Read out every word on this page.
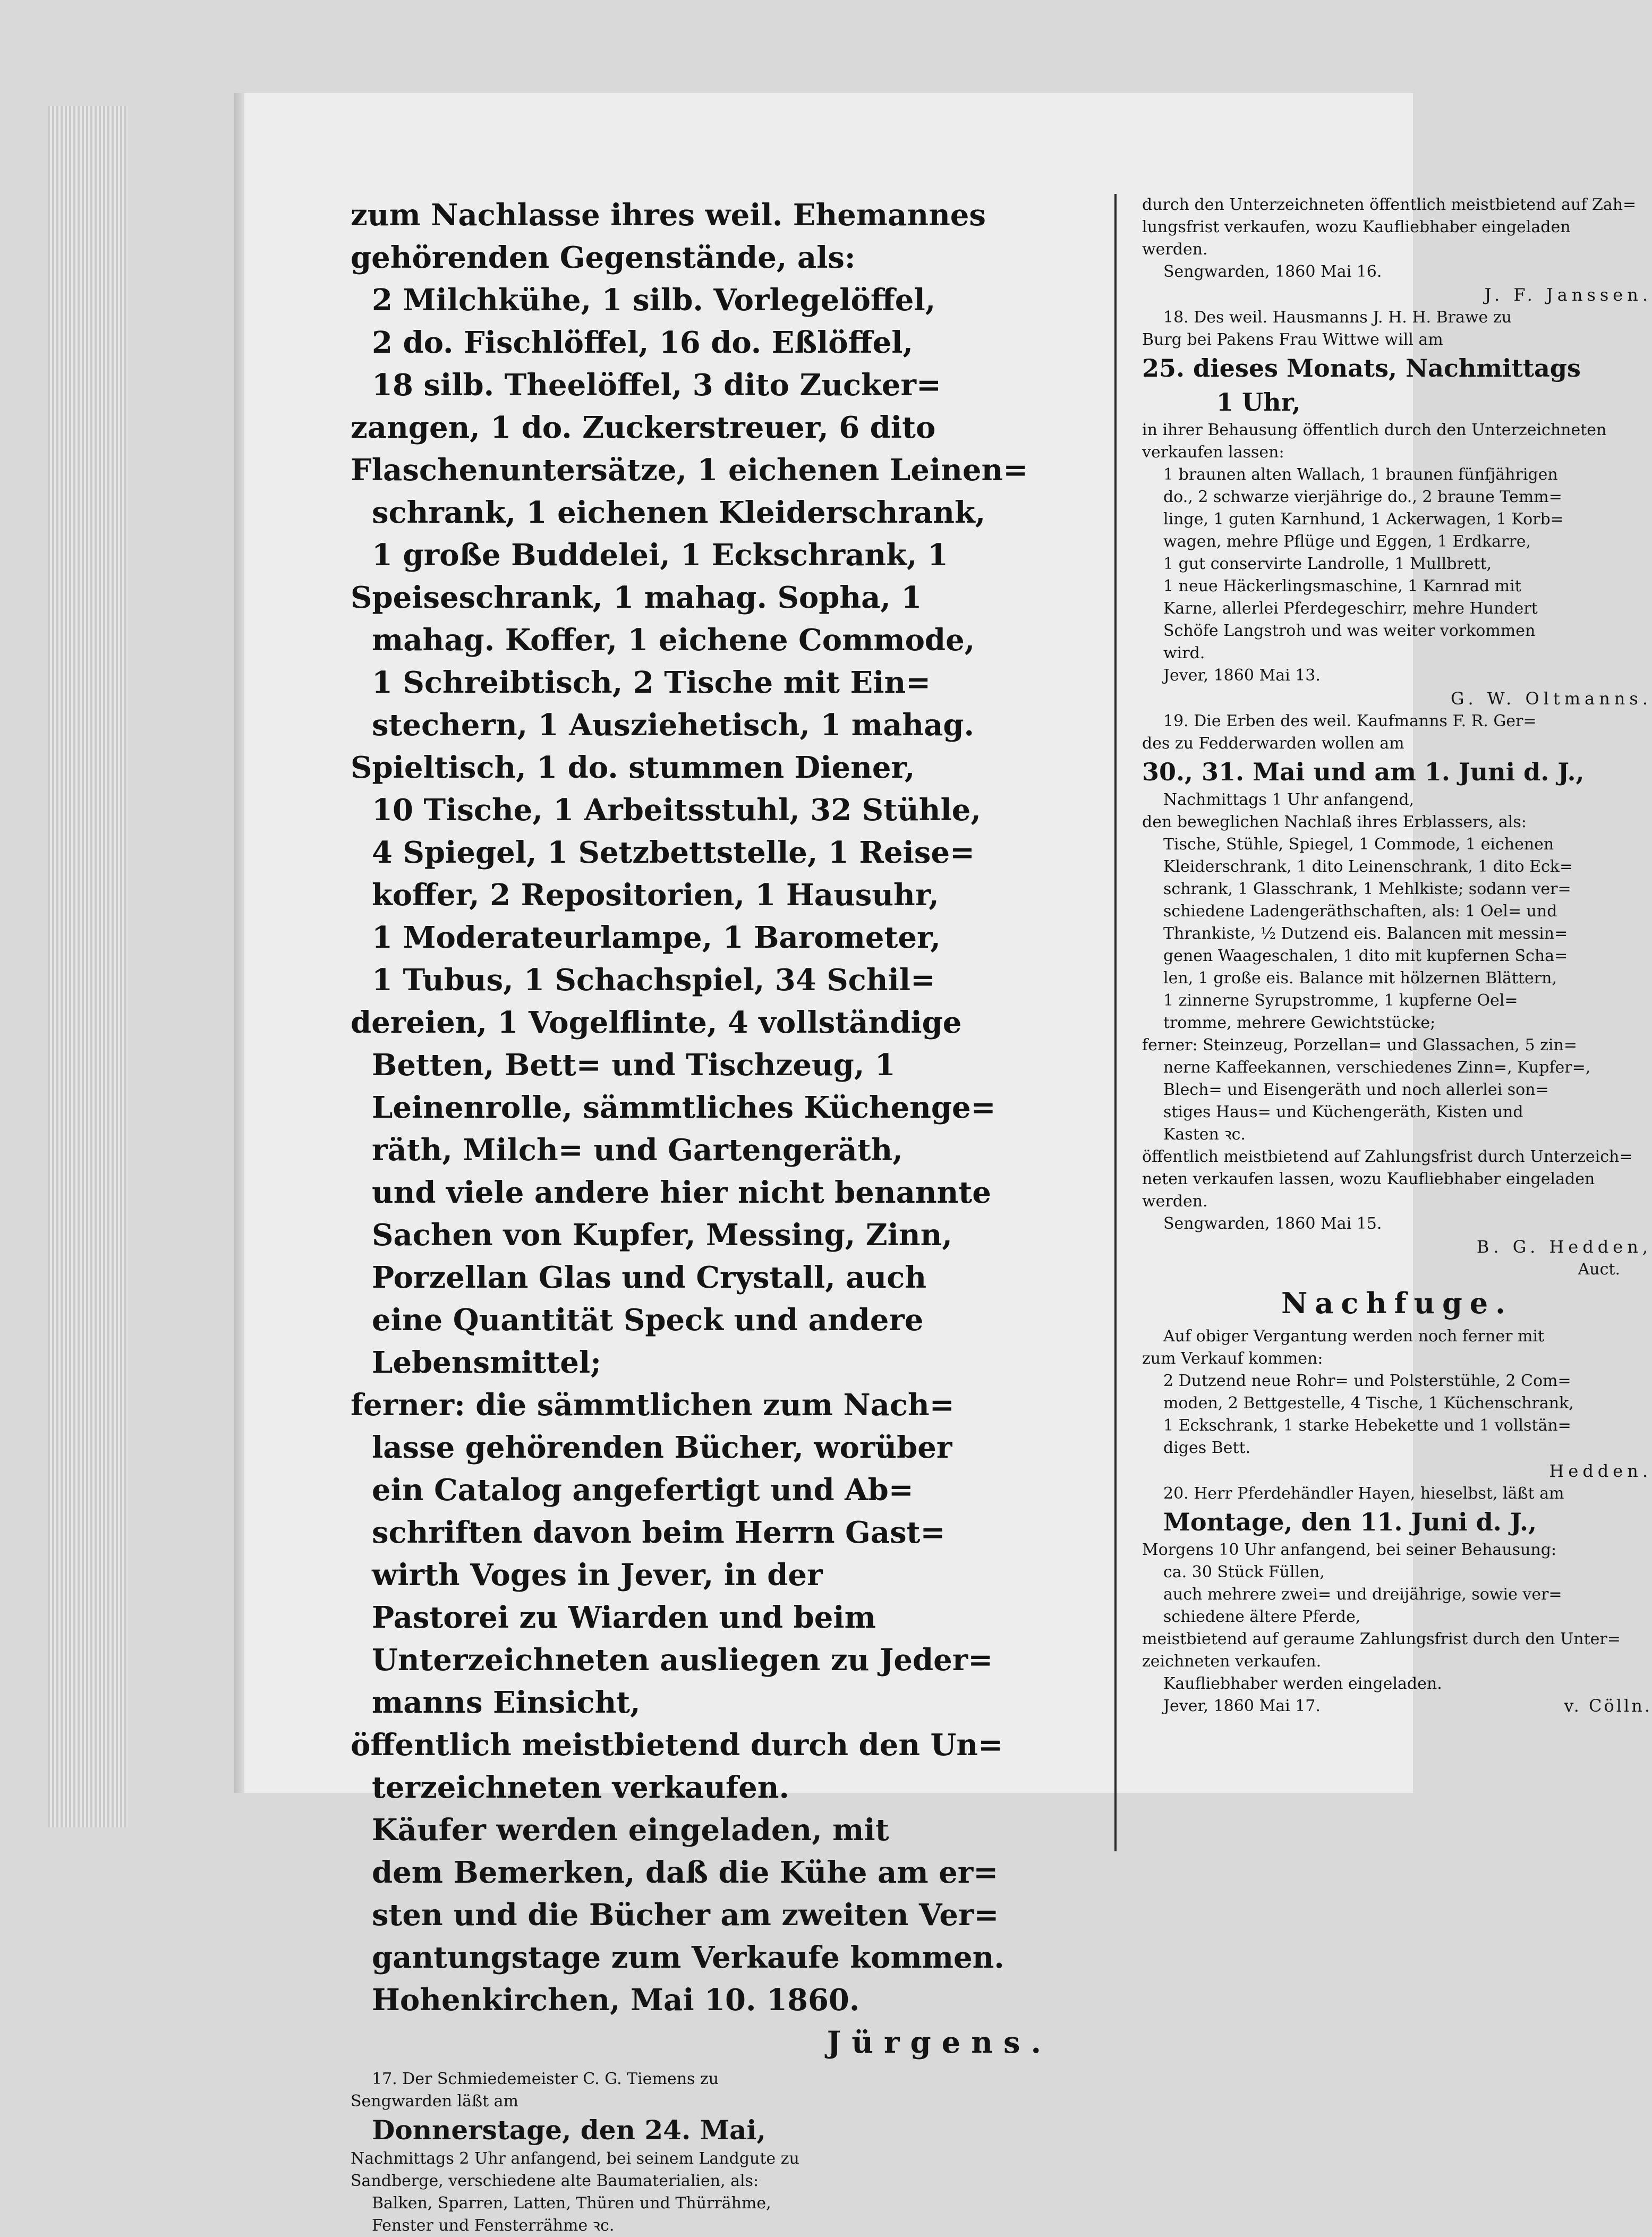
zum Nachlasse ihres weil. Ehemannes

gehörenden Gegenstände, als:

2 Milchkühe, 1 silb. Vorlegelöffel,

2 do. Fischlöffel, 16 do. Eßlöffel,

18 silb. Theelöffel, 3 dito Zucker=

zangen, 1 do. Zuckerstreuer, 6 dito

Flaschenuntersätze, 1 eichenen Leinen=

schrank, 1 eichenen Kleiderschrank,

1 große Buddelei, 1 Eckschrank, 1

Speiseschrank, 1 mahag. Sopha, 1

mahag. Koffer, 1 eichene Commode,

1 Schreibtisch, 2 Tische mit Ein=

stechern, 1 Ausziehetisch, 1 mahag.

Spieltisch, 1 do. stummen Diener,

10 Tische, 1 Arbeitsstuhl, 32 Stühle,

4 Spiegel, 1 Setzbettstelle, 1 Reise=

koffer, 2 Repositorien, 1 Hausuhr,

1 Moderateurlampe, 1 Barometer,

1 Tubus, 1 Schachspiel, 34 Schil=

dereien, 1 Vogelflinte, 4 vollständige

Betten, Bett= und Tischzeug, 1

Leinenrolle, sämmtliches Küchenge=

räth, Milch= und Gartengeräth,

und viele andere hier nicht benannte

Sachen von Kupfer, Messing, Zinn,

Porzellan Glas und Crystall, auch

eine Quantität Speck und andere

Lebensmittel;

ferner: die sämmtlichen zum Nach=

lasse gehörenden Bücher, worüber

ein Catalog angefertigt und Ab=

schriften davon beim Herrn Gast=

wirth Voges in Jever, in der

Pastorei zu Wiarden und beim

Unterzeichneten ausliegen zu Jeder=

manns Einsicht,

öffentlich meistbietend durch den Un=

terzeichneten verkaufen.

Käufer werden eingeladen, mit

dem Bemerken, daß die Kühe am er=

sten und die Bücher am zweiten Ver=

gantungstage zum Verkaufe kommen.

Hohenkirchen, Mai 10. 1860.

Jürgens.

17. Der Schmiedemeister C. G. Tiemens zu

Sengwarden läßt am

Donnerstage, den 24. Mai,

Nachmittags 2 Uhr anfangend, bei seinem Landgute zu

Sandberge, verschiedene alte Baumaterialien, als:

Balken, Sparren, Latten, Thüren und Thürrähme,

Fenster und Fensterrähme ꝛc.

durch den Unterzeichneten öffentlich meistbietend auf Zah=

lungsfrist verkaufen, wozu Kaufliebhaber eingeladen

werden.

Sengwarden, 1860 Mai 16.

J. F. Janssen.

18. Des weil. Hausmanns J. H. H. Brawe zu

Burg bei Pakens Frau Wittwe will am

25. dieses Monats, Nachmittags

1 Uhr,

in ihrer Behausung öffentlich durch den Unterzeichneten

verkaufen lassen:

1 braunen alten Wallach, 1 braunen fünfjährigen

do., 2 schwarze vierjährige do., 2 braune Temm=

linge, 1 guten Karnhund, 1 Ackerwagen, 1 Korb=

wagen, mehre Pflüge und Eggen, 1 Erdkarre,

1 gut conservirte Landrolle, 1 Mullbrett,

1 neue Häckerlingsmaschine, 1 Karnrad mit

Karne, allerlei Pferdegeschirr, mehre Hundert

Schöfe Langstroh und was weiter vorkommen

wird.

Jever, 1860 Mai 13.

G. W. Oltmanns.

19. Die Erben des weil. Kaufmanns F. R. Ger=

des zu Fedderwarden wollen am

30., 31. Mai und am 1. Juni d. J.,

Nachmittags 1 Uhr anfangend,

den beweglichen Nachlaß ihres Erblassers, als:

Tische, Stühle, Spiegel, 1 Commode, 1 eichenen

Kleiderschrank, 1 dito Leinenschrank, 1 dito Eck=

schrank, 1 Glasschrank, 1 Mehlkiste; sodann ver=

schiedene Ladengeräthschaften, als: 1 Oel= und

Thrankiste, ½ Dutzend eis. Balancen mit messin=

genen Waageschalen, 1 dito mit kupfernen Scha=

len, 1 große eis. Balance mit hölzernen Blättern,

1 zinnerne Syrupstromme, 1 kupferne Oel=

tromme, mehrere Gewichtstücke;

ferner: Steinzeug, Porzellan= und Glassachen, 5 zin=

nerne Kaffeekannen, verschiedenes Zinn=, Kupfer=,

Blech= und Eisengeräth und noch allerlei son=

stiges Haus= und Küchengeräth, Kisten und

Kasten ꝛc.

öffentlich meistbietend auf Zahlungsfrist durch Unterzeich=

neten verkaufen lassen, wozu Kaufliebhaber eingeladen

werden.

Sengwarden, 1860 Mai 15.

B. G. Hedden,

Auct.

Nachfuge.

Auf obiger Vergantung werden noch ferner mit

zum Verkauf kommen:

2 Dutzend neue Rohr= und Polsterstühle, 2 Com=

moden, 2 Bettgestelle, 4 Tische, 1 Küchenschrank,

1 Eckschrank, 1 starke Hebekette und 1 vollstän=

diges Bett.

Hedden.

20. Herr Pferdehändler Hayen, hieselbst, läßt am

Montage, den 11. Juni d. J.,

Morgens 10 Uhr anfangend, bei seiner Behausung:

ca. 30 Stück Füllen,

auch mehrere zwei= und dreijährige, sowie ver=

schiedene ältere Pferde,

meistbietend auf geraume Zahlungsfrist durch den Unter=

zeichneten verkaufen.

Kaufliebhaber werden eingeladen.

Jever, 1860 Mai 17.	v. Cölln.
